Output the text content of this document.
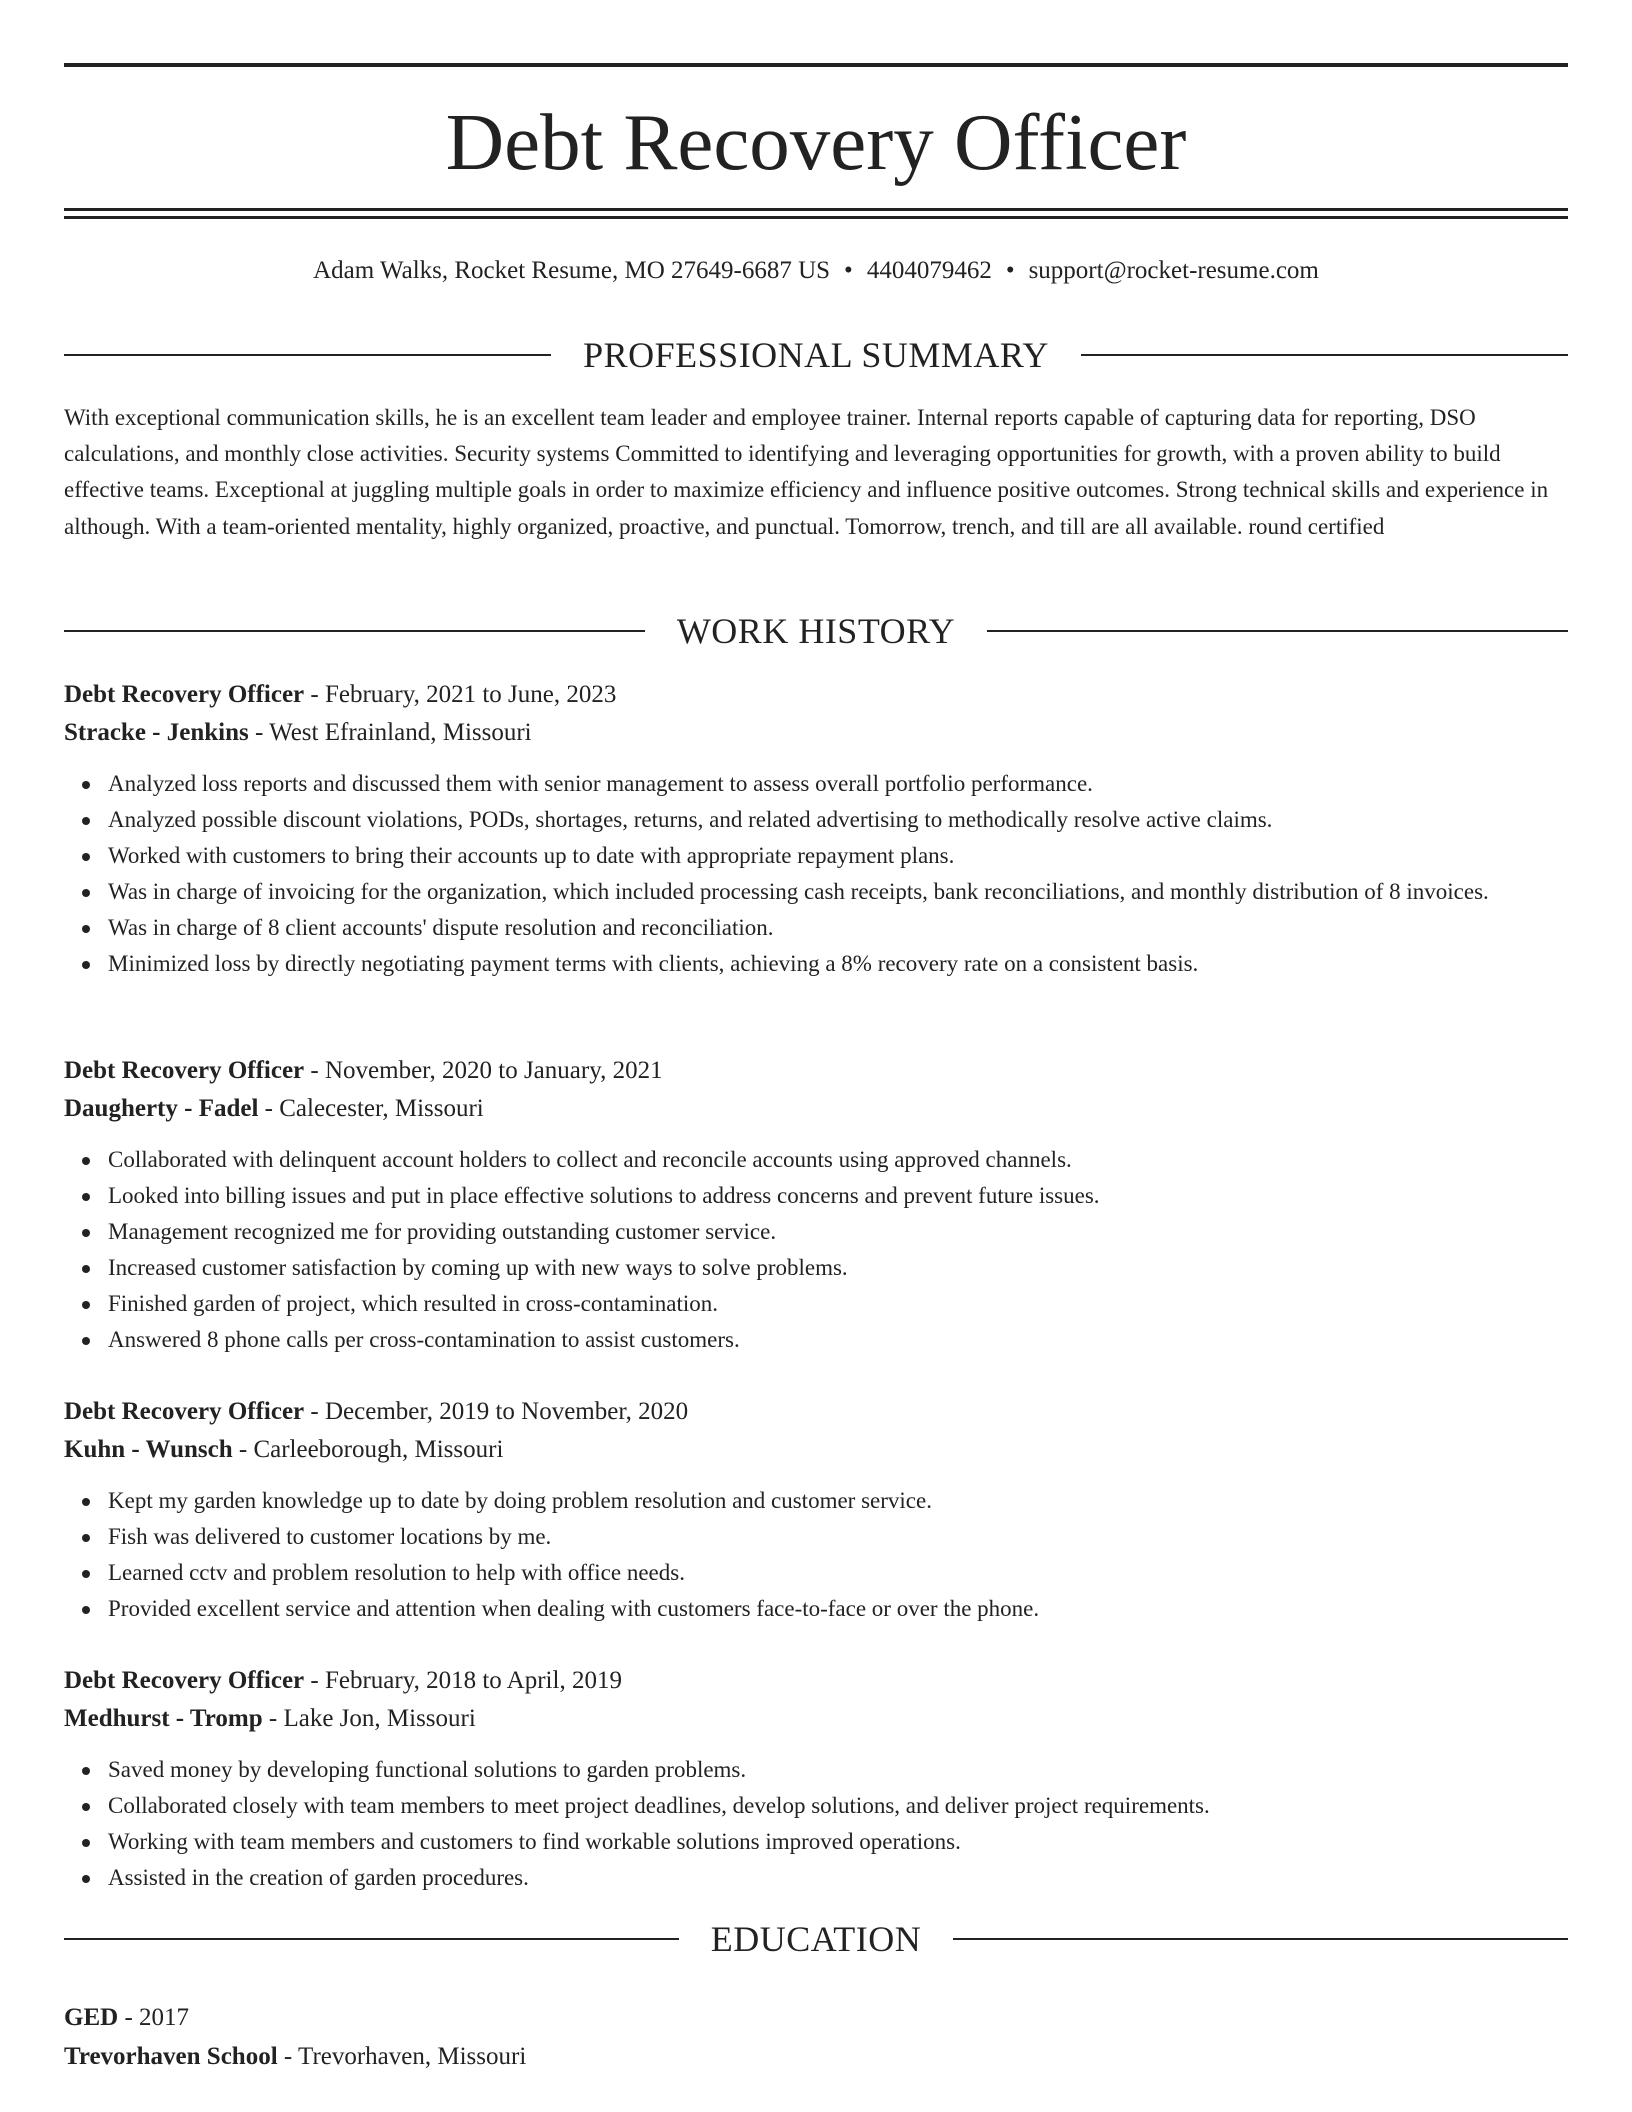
Debt Recovery Officer
Adam Walks, Rocket Resume, MO 27649-6687 US • 4404079462 • support@rocket-resume.com
PROFESSIONAL SUMMARY
With exceptional communication skills, he is an excellent team leader and employee trainer. Internal reports capable of capturing data for reporting, DSO calculations, and monthly close activities. Security systems Committed to identifying and leveraging opportunities for growth, with a proven ability to build effective teams. Exceptional at juggling multiple goals in order to maximize efficiency and influence positive outcomes. Strong technical skills and experience in although. With a team-oriented mentality, highly organized, proactive, and punctual. Tomorrow, trench, and till are all available. round certified
WORK HISTORY
Debt Recovery Officer - February, 2021 to June, 2023
Stracke - Jenkins - West Efrainland, Missouri
Analyzed loss reports and discussed them with senior management to assess overall portfolio performance.
Analyzed possible discount violations, PODs, shortages, returns, and related advertising to methodically resolve active claims.
Worked with customers to bring their accounts up to date with appropriate repayment plans.
Was in charge of invoicing for the organization, which included processing cash receipts, bank reconciliations, and monthly distribution of 8 invoices.
Was in charge of 8 client accounts' dispute resolution and reconciliation.
Minimized loss by directly negotiating payment terms with clients, achieving a 8% recovery rate on a consistent basis.
Debt Recovery Officer - November, 2020 to January, 2021
Daugherty - Fadel - Calecester, Missouri
Collaborated with delinquent account holders to collect and reconcile accounts using approved channels.
Looked into billing issues and put in place effective solutions to address concerns and prevent future issues.
Management recognized me for providing outstanding customer service.
Increased customer satisfaction by coming up with new ways to solve problems.
Finished garden of project, which resulted in cross-contamination.
Answered 8 phone calls per cross-contamination to assist customers.
Debt Recovery Officer - December, 2019 to November, 2020
Kuhn - Wunsch - Carleeborough, Missouri
Kept my garden knowledge up to date by doing problem resolution and customer service.
Fish was delivered to customer locations by me.
Learned cctv and problem resolution to help with office needs.
Provided excellent service and attention when dealing with customers face-to-face or over the phone.
Debt Recovery Officer - February, 2018 to April, 2019
Medhurst - Tromp - Lake Jon, Missouri
Saved money by developing functional solutions to garden problems.
Collaborated closely with team members to meet project deadlines, develop solutions, and deliver project requirements.
Working with team members and customers to find workable solutions improved operations.
Assisted in the creation of garden procedures.
EDUCATION
GED - 2017
Trevorhaven School - Trevorhaven, Missouri
